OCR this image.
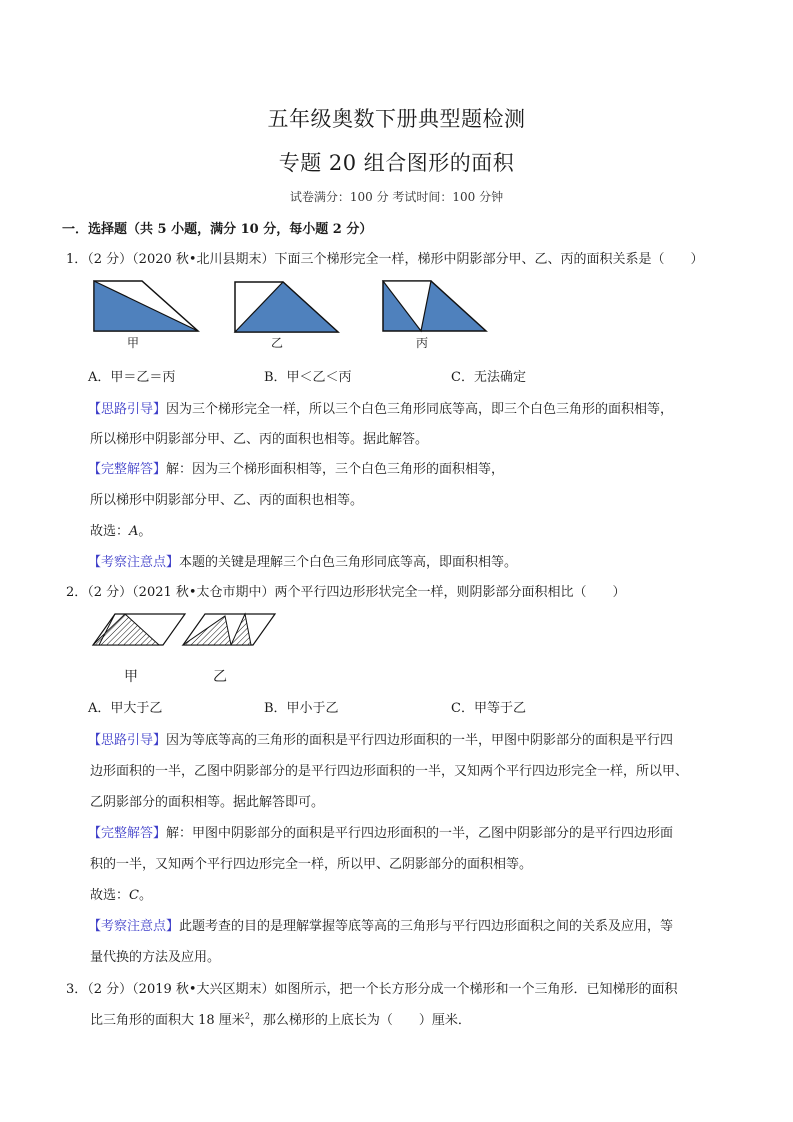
五年级奥数下册典型题检测
专题 20 组合图形的面积
试卷满分：100 分 考试时间：100 分钟
一．选择题（共 5 小题，满分 10 分，每小题 2 分）
1．（2 分）（2020 秋•北川县期末）下面三个梯形完全一样，梯形中阴影部分甲、乙、丙的面积关系是（　　）
甲	乙	丙
A．甲＝乙＝丙	B．甲＜乙＜丙	C．无法确定
【思路引导】因为三个梯形完全一样，所以三个白色三角形同底等高，即三个白色三角形的面积相等，
所以梯形中阴影部分甲、乙、丙的面积也相等。据此解答。
【完整解答】解：因为三个梯形面积相等，三个白色三角形的面积相等，
所以梯形中阴影部分甲、乙、丙的面积也相等。
故选：A。
【考察注意点】本题的关键是理解三个白色三角形同底等高，即面积相等。
2．（2 分）（2021 秋•太仓市期中）两个平行四边形形状完全一样，则阴影部分面积相比（　　）
甲	乙
A．甲大于乙	B．甲小于乙	C．甲等于乙
【思路引导】因为等底等高的三角形的面积是平行四边形面积的一半，甲图中阴影部分的面积是平行四
边形面积的一半，乙图中阴影部分的是平行四边形面积的一半，又知两个平行四边形完全一样，所以甲、
乙阴影部分的面积相等。据此解答即可。
【完整解答】解：甲图中阴影部分的面积是平行四边形面积的一半，乙图中阴影部分的是平行四边形面
积的一半，又知两个平行四边形完全一样，所以甲、乙阴影部分的面积相等。
故选：C。
【考察注意点】此题考查的目的是理解掌握等底等高的三角形与平行四边形面积之间的关系及应用，等
量代换的方法及应用。
3．（2 分）（2019 秋•大兴区期末）如图所示，把一个长方形分成一个梯形和一个三角形．已知梯形的面积
比三角形的面积大 18 厘米$^2$，那么梯形的上底长为（　　）厘米．
